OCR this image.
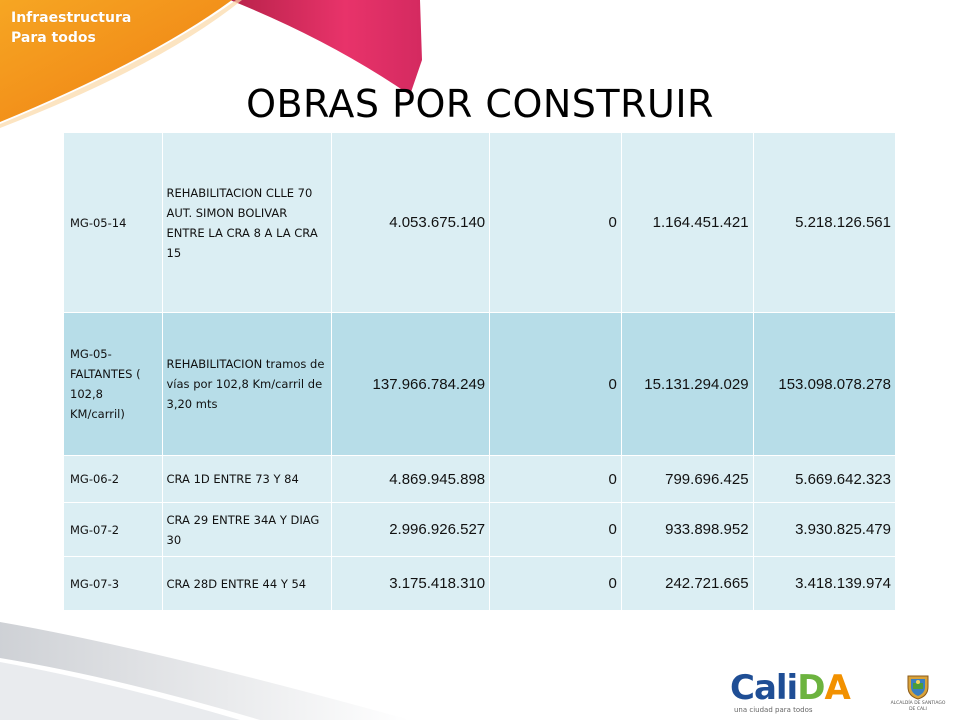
Infraestructura
Para todos
OBRAS POR CONSTRUIR
MG-05-14	REHABILITACION CLLE 70 AUT. SIMON BOLIVAR ENTRE LA CRA 8 A LA CRA 15	4.053.675.140	0	1.164.451.421	5.218.126.561
MG-05-FALTANTES ( 102,8 KM/carril)	REHABILITACION tramos de vías por 102,8 Km/carril de 3,20 mts	137.966.784.249	0	15.131.294.029	153.098.078.278
MG-06-2	CRA 1D ENTRE 73 Y 84	4.869.945.898	0	799.696.425	5.669.642.323
MG-07-2	CRA 29 ENTRE 34A Y DIAG 30	2.996.926.527	0	933.898.952	3.930.825.479
MG-07-3	CRA 28D ENTRE 44 Y 54	3.175.418.310	0	242.721.665	3.418.139.974
CaliDA
una ciudad para todos
ALCALDÍA DE SANTIAGO DE CALI
